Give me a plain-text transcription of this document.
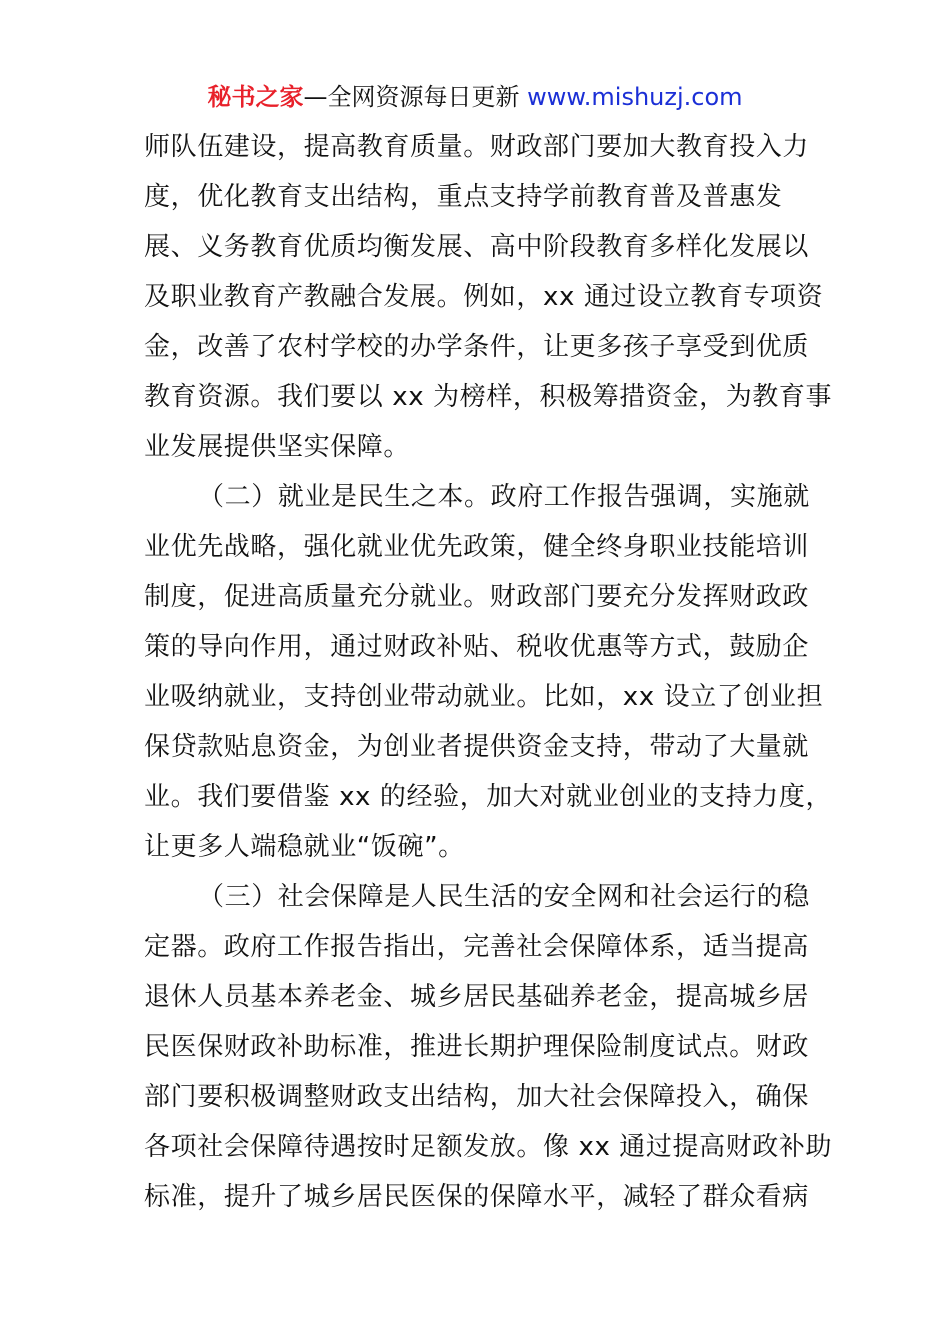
秘书之家—全网资源每日更新 www.mishuzj.com
师队伍建设，提高教育质量。财政部门要加大教育投入力
度，优化教育支出结构，重点支持学前教育普及普惠发
展、义务教育优质均衡发展、高中阶段教育多样化发展以
及职业教育产教融合发展。例如，xx 通过设立教育专项资
金，改善了农村学校的办学条件，让更多孩子享受到优质
教育资源。我们要以 xx 为榜样，积极筹措资金，为教育事
业发展提供坚实保障。
（二）就业是民生之本。政府工作报告强调，实施就
业优先战略，强化就业优先政策，健全终身职业技能培训
制度，促进高质量充分就业。财政部门要充分发挥财政政
策的导向作用，通过财政补贴、税收优惠等方式，鼓励企
业吸纳就业，支持创业带动就业。比如，xx 设立了创业担
保贷款贴息资金，为创业者提供资金支持，带动了大量就
业。我们要借鉴 xx 的经验，加大对就业创业的支持力度，
让更多人端稳就业“饭碗”。
（三）社会保障是人民生活的安全网和社会运行的稳
定器。政府工作报告指出，完善社会保障体系，适当提高
退休人员基本养老金、城乡居民基础养老金，提高城乡居
民医保财政补助标准，推进长期护理保险制度试点。财政
部门要积极调整财政支出结构，加大社会保障投入，确保
各项社会保障待遇按时足额发放。像 xx 通过提高财政补助
标准，提升了城乡居民医保的保障水平，减轻了群众看病
